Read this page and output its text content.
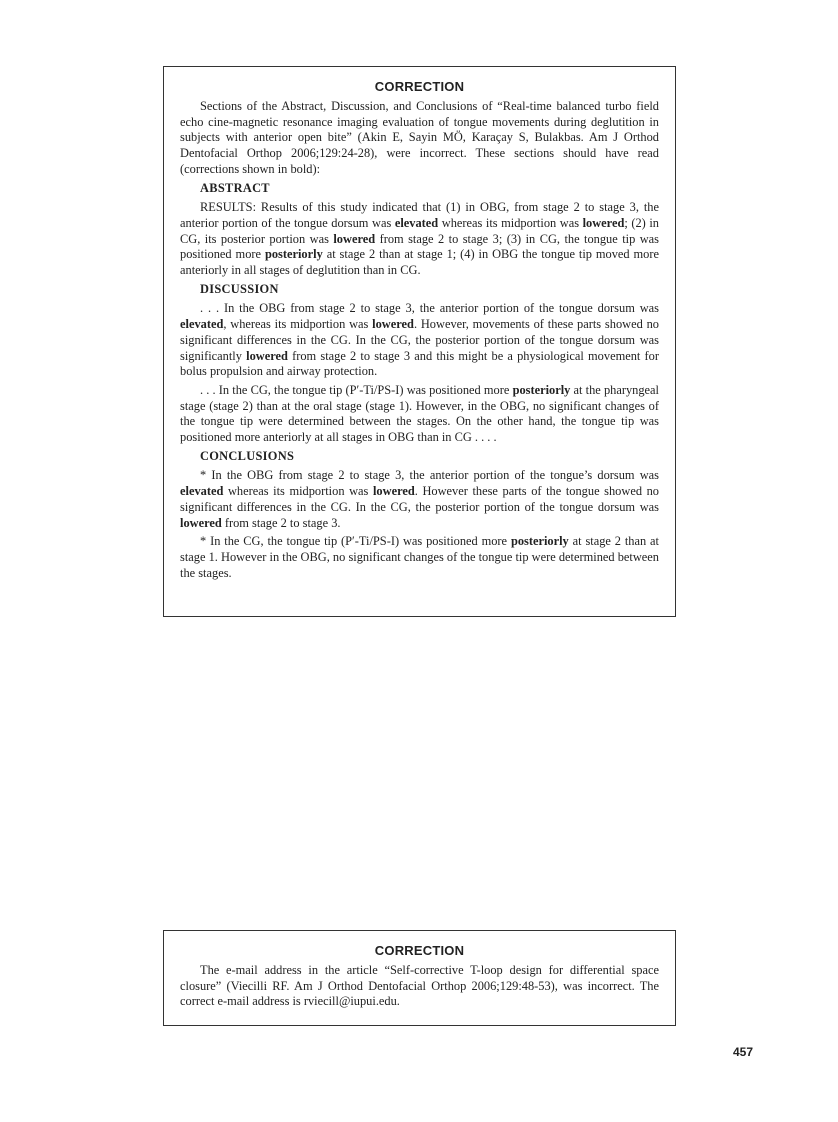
CORRECTION

Sections of the Abstract, Discussion, and Conclusions of “Real-time balanced turbo field echo cine-magnetic resonance imaging evaluation of tongue movements during deglutition in subjects with anterior open bite” (Akin E, Sayin MÖ, Karaçay S, Bulakbas. Am J Orthod Dentofacial Orthop 2006;129:24-28), were incorrect. These sections should have read (corrections shown in bold):

ABSTRACT

RESULTS: Results of this study indicated that (1) in OBG, from stage 2 to stage 3, the anterior portion of the tongue dorsum was elevated whereas its midportion was lowered; (2) in CG, its posterior portion was lowered from stage 2 to stage 3; (3) in CG, the tongue tip was positioned more posteriorly at stage 2 than at stage 1; (4) in OBG the tongue tip moved more anteriorly in all stages of deglutition than in CG.

DISCUSSION

. . . In the OBG from stage 2 to stage 3, the anterior portion of the tongue dorsum was elevated, whereas its midportion was lowered. However, movements of these parts showed no significant differences in the CG. In the CG, the posterior portion of the tongue dorsum was significantly lowered from stage 2 to stage 3 and this might be a physiological movement for bolus propulsion and airway protection.

. . . In the CG, the tongue tip (P′-Ti/PS-I) was positioned more posteriorly at the pharyngeal stage (stage 2) than at the oral stage (stage 1). However, in the OBG, no significant changes of the tongue tip were determined between the stages. On the other hand, the tongue tip was positioned more anteriorly at all stages in OBG than in CG . . . .

CONCLUSIONS

* In the OBG from stage 2 to stage 3, the anterior portion of the tongue’s dorsum was elevated whereas its midportion was lowered. However these parts of the tongue showed no significant differences in the CG. In the CG, the posterior portion of the tongue dorsum was lowered from stage 2 to stage 3.

* In the CG, the tongue tip (P′-Ti/PS-I) was positioned more posteriorly at stage 2 than at stage 1. However in the OBG, no significant changes of the tongue tip were determined between the stages.

CORRECTION

The e-mail address in the article “Self-corrective T-loop design for differential space closure” (Viecilli RF. Am J Orthod Dentofacial Orthop 2006;129:48-53), was incorrect. The correct e-mail address is rviecill@iupui.edu.

457
